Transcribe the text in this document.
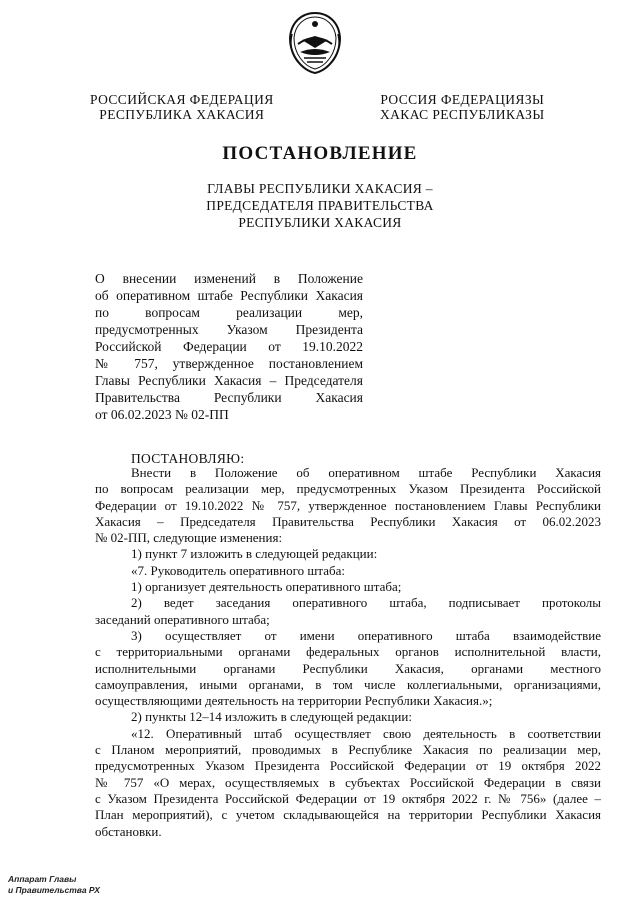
РОССИЙСКАЯ ФЕДЕРАЦИЯ
РЕСПУБЛИКА ХАКАСИЯ
РОССИЯ ФЕДЕРАЦИЯЗЫ
ХАКАС РЕСПУБЛИКАЗЫ
ПОСТАНОВЛЕНИЕ
ГЛАВЫ РЕСПУБЛИКИ ХАКАСИЯ –
ПРЕДСЕДАТЕЛЯ ПРАВИТЕЛЬСТВА
РЕСПУБЛИКИ ХАКАСИЯ
О внесении изменений в Положение
об оперативном штабе Республики Хакасия
по вопросам реализации мер,
предусмотренных Указом Президента
Российской Федерации от 19.10.2022
№ 757, утвержденное постановлением
Главы Республики Хакасия – Председателя
Правительства Республики Хакасия
от 06.02.2023 № 02-ПП
ПОСТАНОВЛЯЮ:
Внести в Положение об оперативном штабе Республики Хакасия
по вопросам реализации мер, предусмотренных Указом Президента Российской
Федерации от 19.10.2022 № 757, утвержденное постановлением Главы Республики
Хакасия – Председателя Правительства Республики Хакасия от 06.02.2023
№ 02-ПП, следующие изменения:
1) пункт 7 изложить в следующей редакции:
«7. Руководитель оперативного штаба:
1) организует деятельность оперативного штаба;
2) ведет заседания оперативного штаба, подписывает протоколы
заседаний оперативного штаба;
3) осуществляет от имени оперативного штаба взаимодействие
с территориальными органами федеральных органов исполнительной власти,
исполнительными органами Республики Хакасия, органами местного
самоуправления, иными органами, в том числе коллегиальными, организациями,
осуществляющими деятельность на территории Республики Хакасия.»;
2) пункты 12–14 изложить в следующей редакции:
«12. Оперативный штаб осуществляет свою деятельность в соответствии
с Планом мероприятий, проводимых в Республике Хакасия по реализации мер,
предусмотренных Указом Президента Российской Федерации от 19 октября 2022
№ 757 «О мерах, осуществляемых в субъектах Российской Федерации в связи
с Указом Президента Российской Федерации от 19 октября 2022 г. № 756» (далее –
План мероприятий), с учетом складывающейся на территории Республики Хакасия
обстановки.
Аппарат Главы
и Правительства РХ
